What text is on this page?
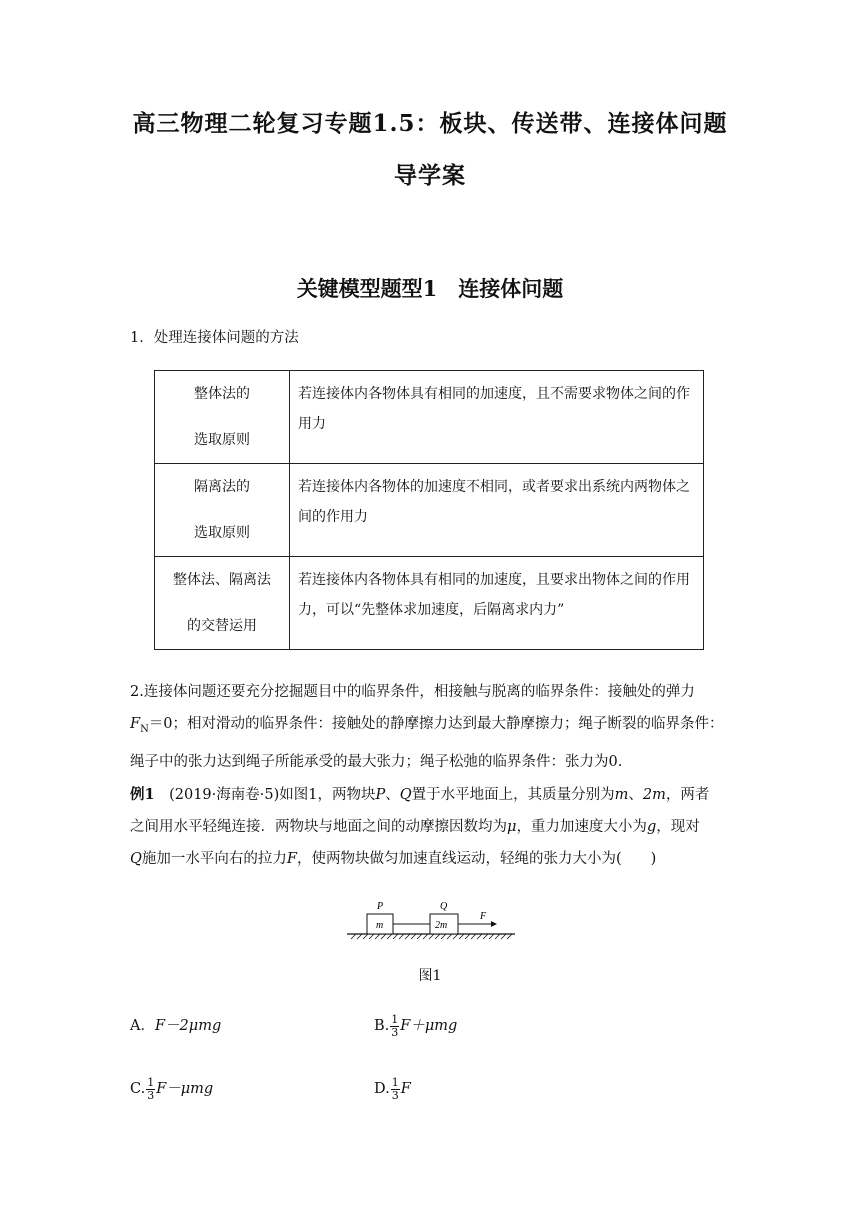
高三物理二轮复习专题1.5：板块、传送带、连接体问题
导学案
关键模型题型1　连接体问题
1．处理连接体问题的方法
整体法的
选取原则	若连接体内各物体具有相同的加速度，且不需要求物体之间的作用力

隔离法的
选取原则	若连接体内各物体的加速度不相同，或者要求出系统内两物体之间的作用力

整体法、隔离法
的交替运用	若连接体内各物体具有相同的加速度，且要求出物体之间的作用力，可以“先整体求加速度，后隔离求内力”
2.连接体问题还要充分挖掘题目中的临界条件，相接触与脱离的临界条件：接触处的弹力
$F_N=0$；相对滑动的临界条件：接触处的静摩擦力达到最大静摩擦力；绳子断裂的临界条件：
绳子中的张力达到绳子所能承受的最大张力；绳子松弛的临界条件：张力为0.
例1　(2019·海南卷·5)如图1，两物块P、Q置于水平地面上，其质量分别为m、2m，两者
之间用水平轻绳连接．两物块与地面之间的动摩擦因数均为μ，重力加速度大小为g，现对
Q施加一水平向右的拉力F，使两物块做匀加速直线运动，轻绳的张力大小为(　　)
P	Q
m	2m
F
图1
A．F－2μmg	B. $\frac{1}{3} F+\mu mg$
C. $\frac{1}{3} F-\mu mg$	D. $\frac{1}{3}$ F
